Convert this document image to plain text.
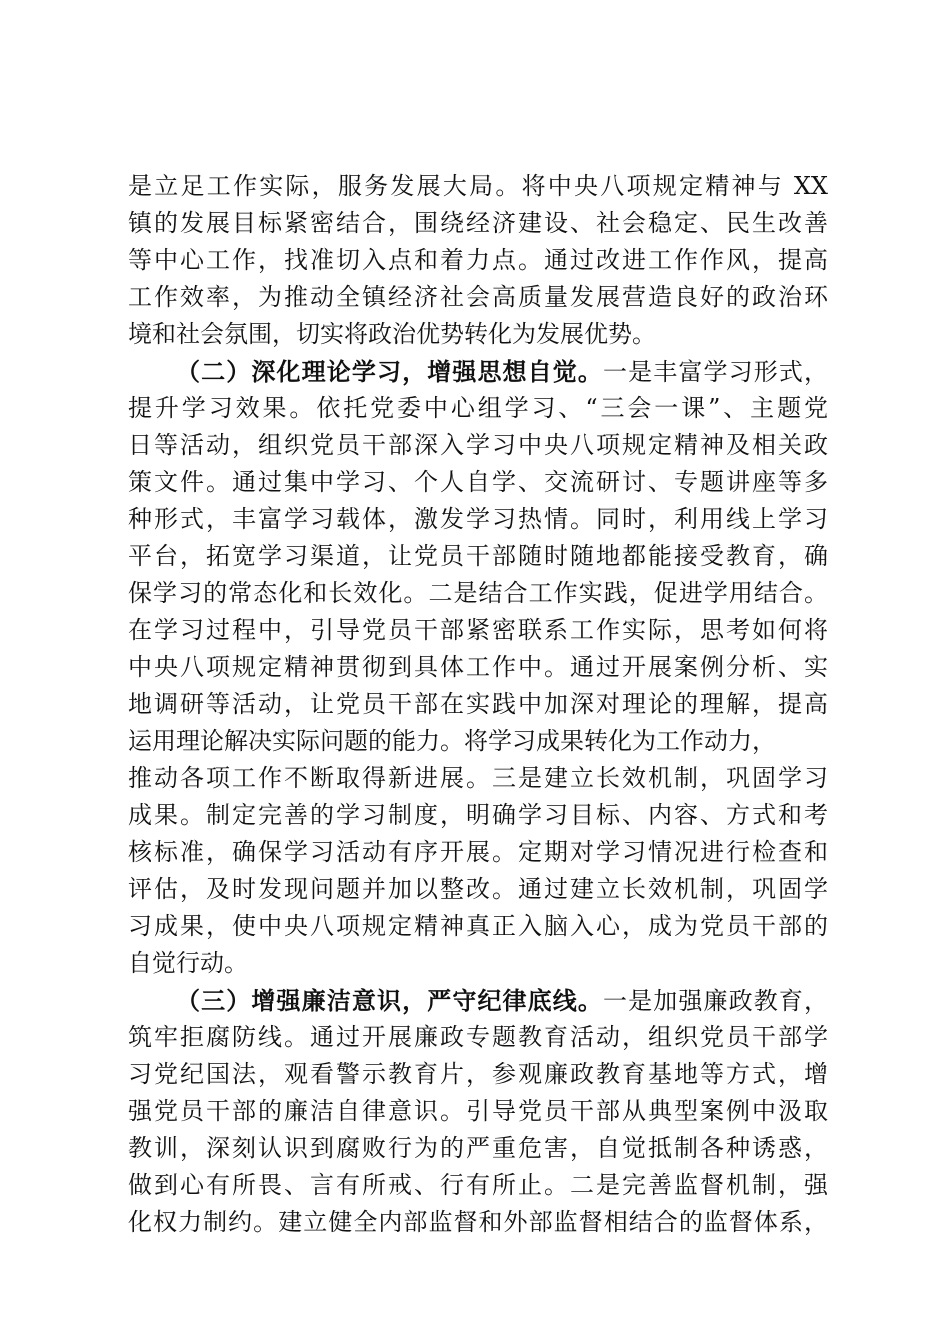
是立足工作实际，服务发展大局。将中央八项规定精神与 XX
镇的发展目标紧密结合，围绕经济建设、社会稳定、民生改善
等中心工作，找准切入点和着力点。通过改进工作作风，提高
工作效率，为推动全镇经济社会高质量发展营造良好的政治环
境和社会氛围，切实将政治优势转化为发展优势。
（二）深化理论学习，增强思想自觉。一是丰富学习形式，
提升学习效果。依托党委中心组学习、“三会一课”、主题党
日等活动，组织党员干部深入学习中央八项规定精神及相关政
策文件。通过集中学习、个人自学、交流研讨、专题讲座等多
种形式，丰富学习载体，激发学习热情。同时，利用线上学习
平台，拓宽学习渠道，让党员干部随时随地都能接受教育，确
保学习的常态化和长效化。二是结合工作实践，促进学用结合。
在学习过程中，引导党员干部紧密联系工作实际，思考如何将
中央八项规定精神贯彻到具体工作中。通过开展案例分析、实
地调研等活动，让党员干部在实践中加深对理论的理解，提高
运用理论解决实际问题的能力。将学习成果转化为工作动力，
推动各项工作不断取得新进展。三是建立长效机制，巩固学习
成果。制定完善的学习制度，明确学习目标、内容、方式和考
核标准，确保学习活动有序开展。定期对学习情况进行检查和
评估，及时发现问题并加以整改。通过建立长效机制，巩固学
习成果，使中央八项规定精神真正入脑入心，成为党员干部的
自觉行动。
（三）增强廉洁意识，严守纪律底线。一是加强廉政教育，
筑牢拒腐防线。通过开展廉政专题教育活动，组织党员干部学
习党纪国法，观看警示教育片，参观廉政教育基地等方式，增
强党员干部的廉洁自律意识。引导党员干部从典型案例中汲取
教训，深刻认识到腐败行为的严重危害，自觉抵制各种诱惑，
做到心有所畏、言有所戒、行有所止。二是完善监督机制，强
化权力制约。建立健全内部监督和外部监督相结合的监督体系，
